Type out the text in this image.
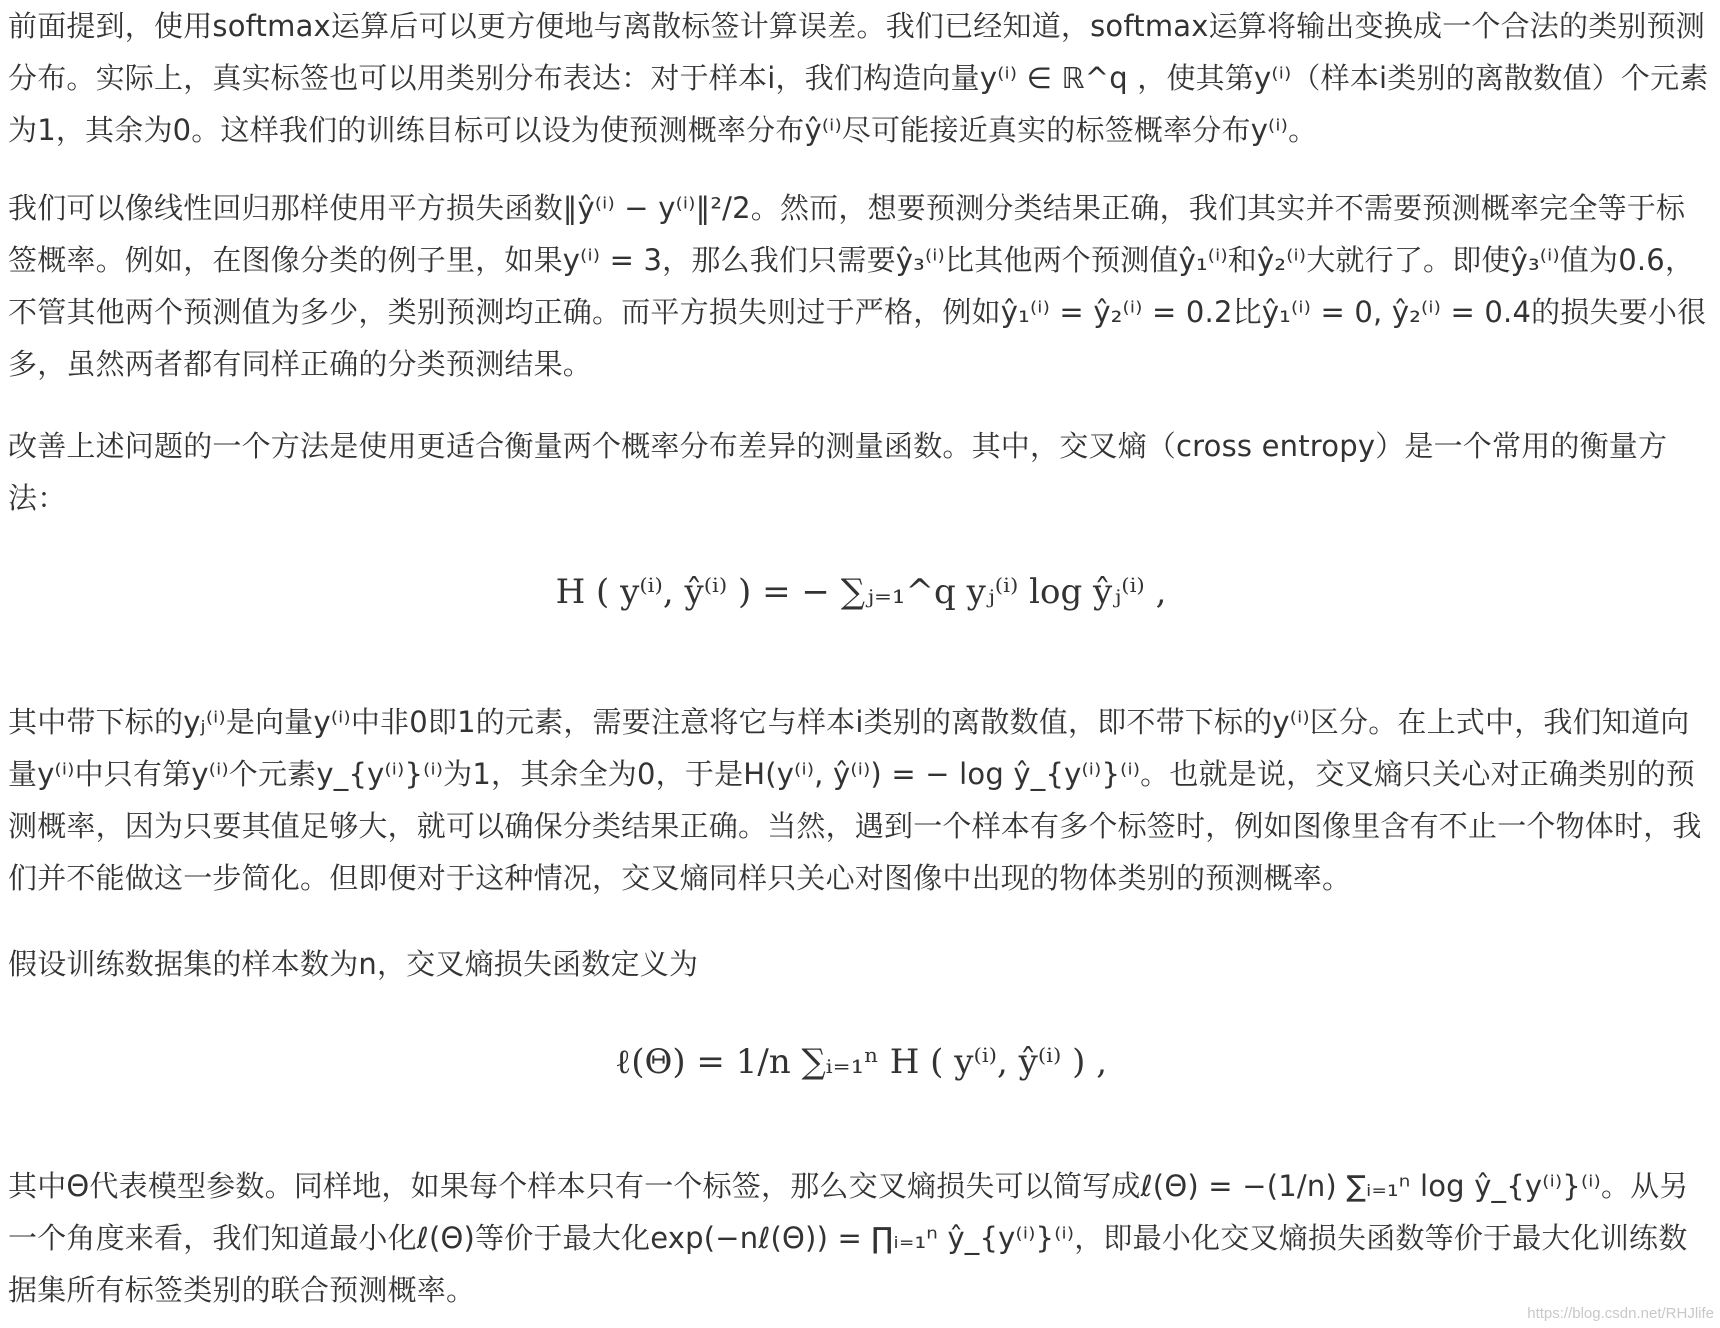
前面提到，使用softmax运算后可以更方便地与离散标签计算误差。我们已经知道，softmax运算将输出变换成一个合法的类别预测分布。实际上，真实标签也可以用类别分布表达：对于样本i，我们构造向量y⁽ⁱ⁾ ∈ ℝ^q ，使其第y⁽ⁱ⁾（样本i类别的离散数值）个元素为1，其余为0。这样我们的训练目标可以设为使预测概率分布ŷ⁽ⁱ⁾尽可能接近真实的标签概率分布y⁽ⁱ⁾。

我们可以像线性回归那样使用平方损失函数‖ŷ⁽ⁱ⁾ − y⁽ⁱ⁾‖²/2。然而，想要预测分类结果正确，我们其实并不需要预测概率完全等于标签概率。例如，在图像分类的例子里，如果y⁽ⁱ⁾ = 3，那么我们只需要ŷ₃⁽ⁱ⁾比其他两个预测值ŷ₁⁽ⁱ⁾和ŷ₂⁽ⁱ⁾大就行了。即使ŷ₃⁽ⁱ⁾值为0.6，不管其他两个预测值为多少，类别预测均正确。而平方损失则过于严格，例如ŷ₁⁽ⁱ⁾ = ŷ₂⁽ⁱ⁾ = 0.2比ŷ₁⁽ⁱ⁾ = 0, ŷ₂⁽ⁱ⁾ = 0.4的损失要小很多，虽然两者都有同样正确的分类预测结果。

改善上述问题的一个方法是使用更适合衡量两个概率分布差异的测量函数。其中，交叉熵（cross entropy）是一个常用的衡量方法：

H ( y⁽ⁱ⁾, ŷ⁽ⁱ⁾ ) = − ∑ⱼ₌₁^q yⱼ⁽ⁱ⁾ log ŷⱼ⁽ⁱ⁾ ,

其中带下标的yⱼ⁽ⁱ⁾是向量y⁽ⁱ⁾中非0即1的元素，需要注意将它与样本i类别的离散数值，即不带下标的y⁽ⁱ⁾区分。在上式中，我们知道向量y⁽ⁱ⁾中只有第y⁽ⁱ⁾个元素y_{y⁽ⁱ⁾}⁽ⁱ⁾为1，其余全为0，于是H(y⁽ⁱ⁾, ŷ⁽ⁱ⁾) = − log ŷ_{y⁽ⁱ⁾}⁽ⁱ⁾。也就是说，交叉熵只关心对正确类别的预测概率，因为只要其值足够大，就可以确保分类结果正确。当然，遇到一个样本有多个标签时，例如图像里含有不止一个物体时，我们并不能做这一步简化。但即便对于这种情况，交叉熵同样只关心对图像中出现的物体类别的预测概率。

假设训练数据集的样本数为n，交叉熵损失函数定义为

ℓ(Θ) = 1/n ∑ᵢ₌₁ⁿ H ( y⁽ⁱ⁾, ŷ⁽ⁱ⁾ ) ,

其中Θ代表模型参数。同样地，如果每个样本只有一个标签，那么交叉熵损失可以简写成ℓ(Θ) = −(1/n) ∑ᵢ₌₁ⁿ log ŷ_{y⁽ⁱ⁾}⁽ⁱ⁾。从另一个角度来看，我们知道最小化ℓ(Θ)等价于最大化exp(−nℓ(Θ)) = ∏ᵢ₌₁ⁿ ŷ_{y⁽ⁱ⁾}⁽ⁱ⁾，即最小化交叉熵损失函数等价于最大化训练数据集所有标签类别的联合预测概率。

https://blog.csdn.net/RHJlife
